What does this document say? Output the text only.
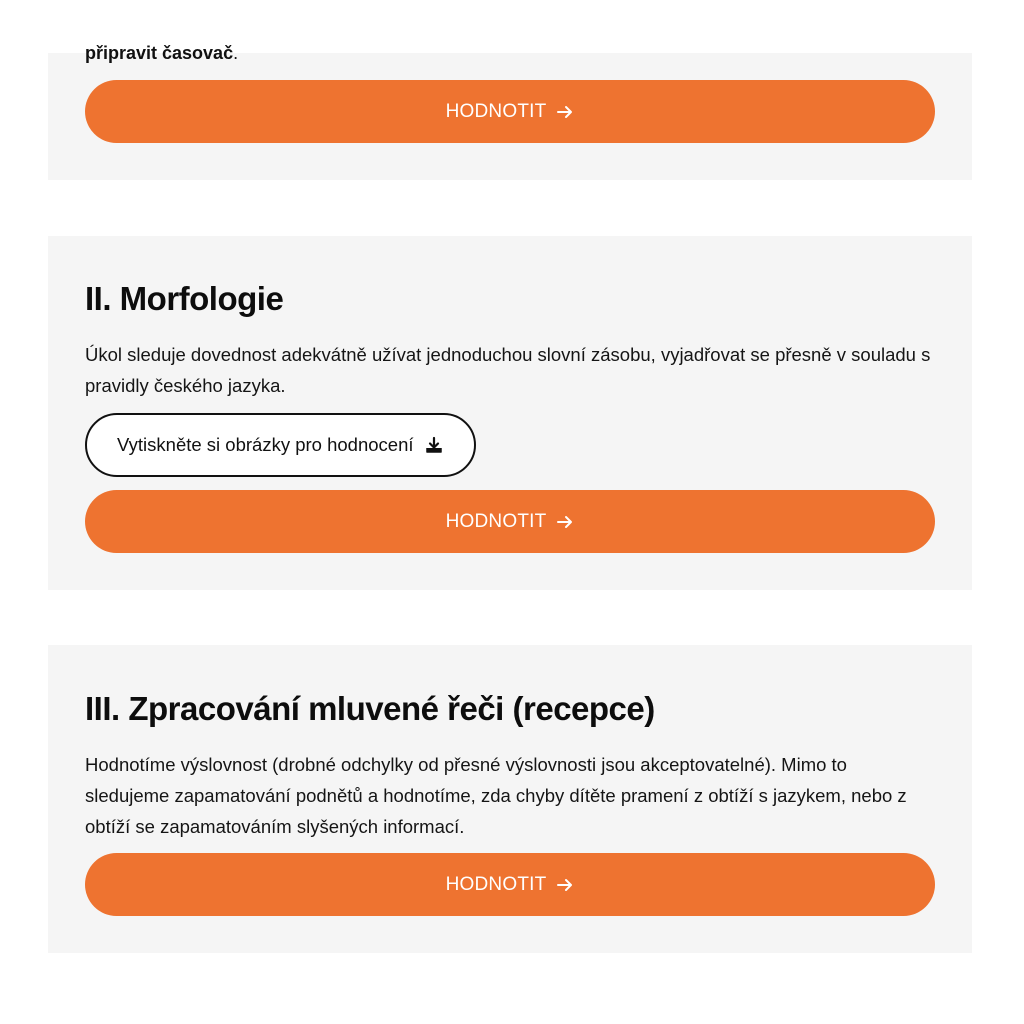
připravit časovač.
HODNOTIT
II. Morfologie

Úkol sleduje dovednost adekvátně užívat jednoduchou slovní zásobu, vyjadřovat se přesně v souladu s pravidly českého jazyka.

Vytiskněte si obrázky pro hodnocení
HODNOTIT
III. Zpracování mluvené řeči (recepce)

Hodnotíme výslovnost (drobné odchylky od přesné výslovnosti jsou akceptovatelné). Mimo to sledujeme zapamatování podnětů a hodnotíme, zda chyby dítěte pramení z obtíží s jazykem, nebo z obtíží se zapamatováním slyšených informací.

HODNOTIT
